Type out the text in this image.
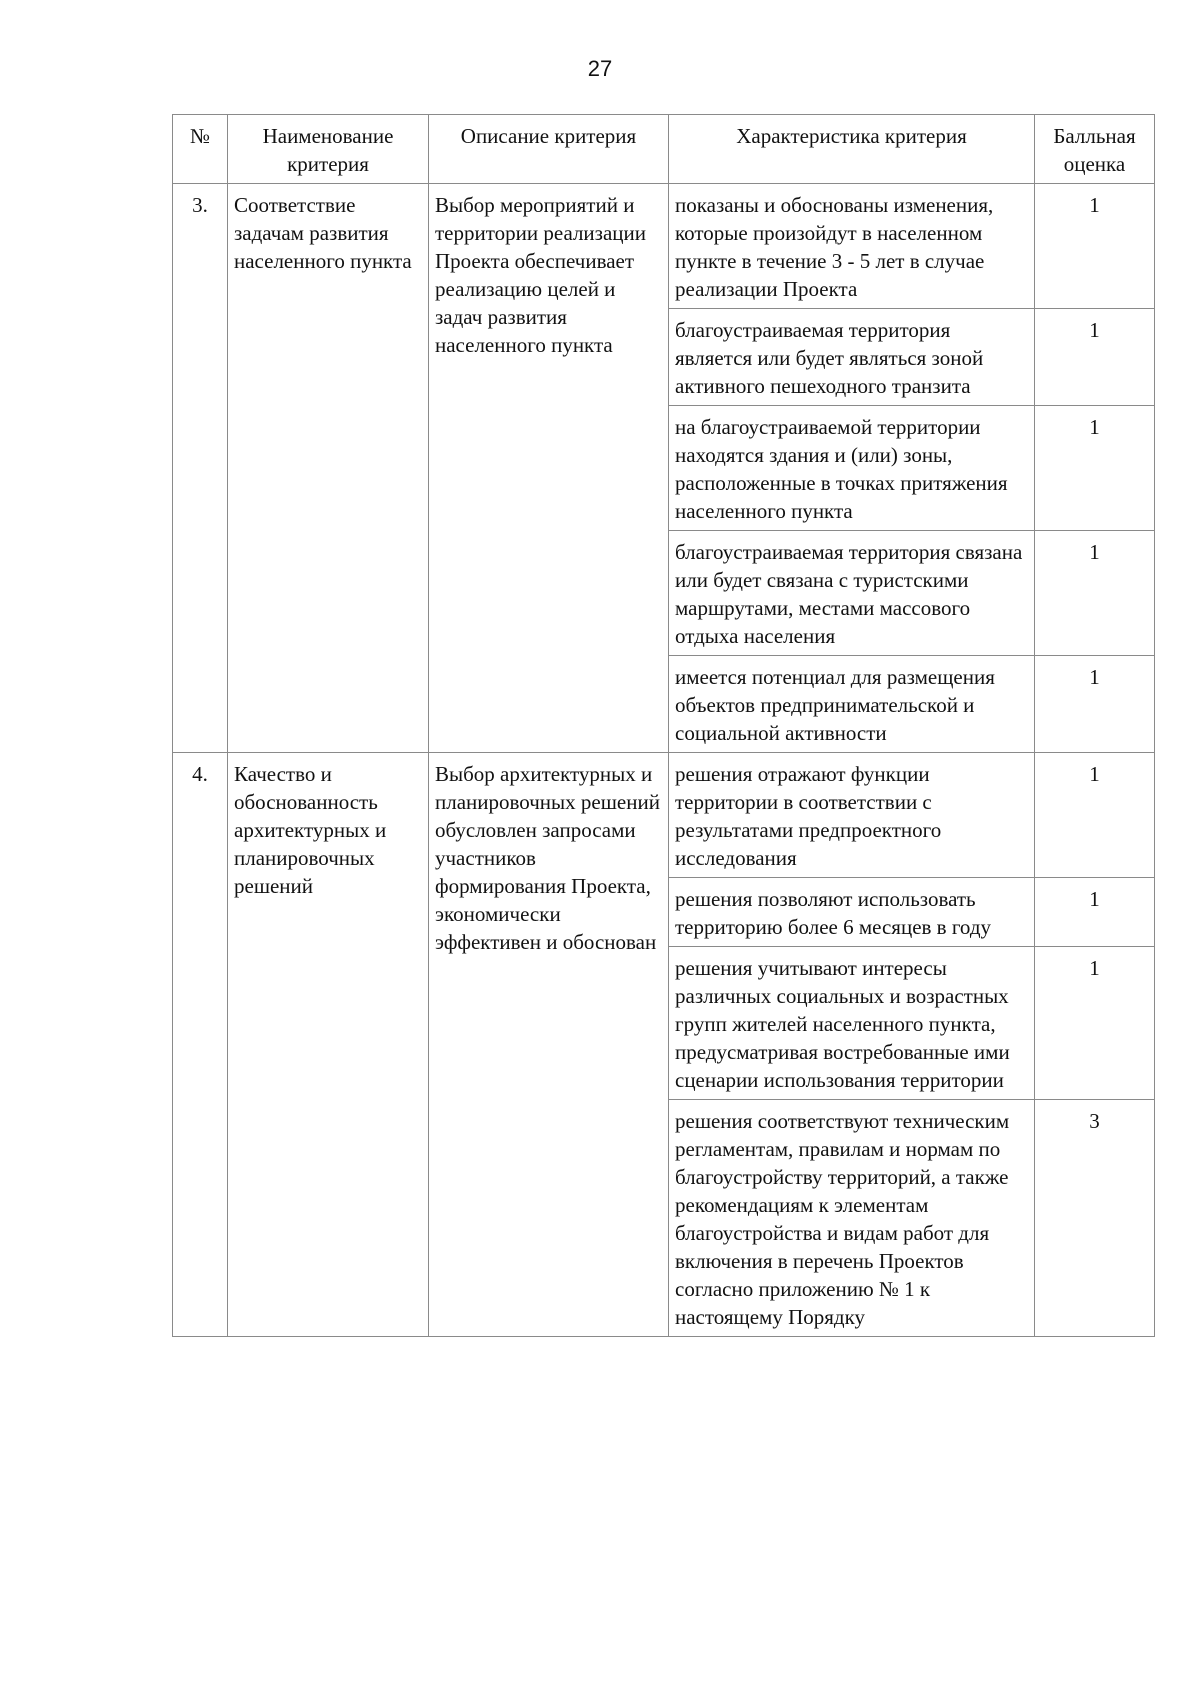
27
№	Наименование критерия	Описание критерия	Характеристика критерия	Балльная оценка
3.	Соответствие задачам развития населенного пункта	Выбор мероприятий и территории реализации Проекта обеспечивает реализацию целей и задач развития населенного пункта	показаны и обоснованы изменения, которые произойдут в населенном пункте в течение 3 - 5 лет в случае реализации Проекта	1
			благоустраиваемая территория является или будет являться зоной активного пешеходного транзита	1
			на благоустраиваемой территории находятся здания и (или) зоны, расположенные в точках притяжения населенного пункта	1
			благоустраиваемая территория связана или будет связана с туристскими маршрутами, местами массового отдыха населения	1
			имеется потенциал для размещения объектов предпринимательской и социальной активности	1
4.	Качество и обоснованность архитектурных и планировочных решений	Выбор архитектурных и планировочных решений обусловлен запросами участников формирования Проекта, экономически эффективен и обоснован	решения отражают функции территории в соответствии с результатами предпроектного исследования	1
			решения позволяют использовать территорию более 6 месяцев в году	1
			решения учитывают интересы различных социальных и возрастных групп жителей населенного пункта, предусматривая востребованные ими сценарии использования территории	1
			решения соответствуют техническим регламентам, правилам и нормам по благоустройству территорий, а также рекомендациям к элементам благоустройства и видам работ для включения в перечень Проектов согласно приложению № 1 к настоящему Порядку	3
